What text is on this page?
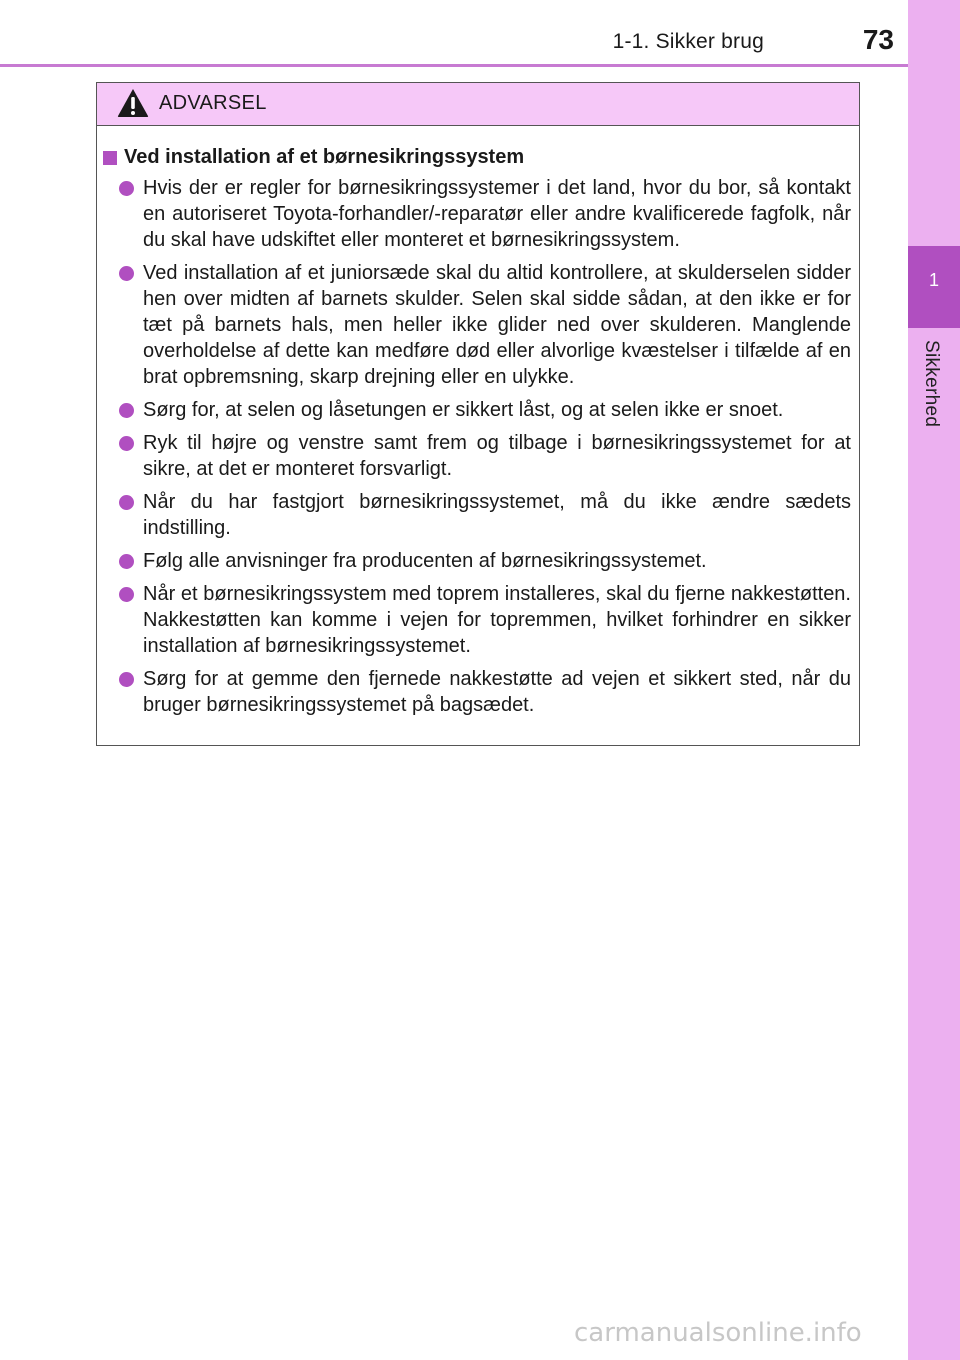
1-1. Sikker brug	73
1
Sikkerhed
ADVARSEL
Ved installation af et børnesikringssystem
Hvis der er regler for børnesikringssystemer i det land, hvor du bor, så kontakt en autoriseret Toyota-forhandler/-reparatør eller andre kvalificerede fagfolk, når du skal have udskiftet eller monteret et børnesikringssystem.
Ved installation af et juniorsæde skal du altid kontrollere, at skulderselen sidder hen over midten af barnets skulder. Selen skal sidde sådan, at den ikke er for tæt på barnets hals, men heller ikke glider ned over skulderen. Manglende overholdelse af dette kan medføre død eller alvorlige kvæstelser i tilfælde af en brat opbremsning, skarp drejning eller en ulykke.
Sørg for, at selen og låsetungen er sikkert låst, og at selen ikke er snoet.
Ryk til højre og venstre samt frem og tilbage i børnesikringssystemet for at sikre, at det er monteret forsvarligt.
Når du har fastgjort børnesikringssystemet, må du ikke ændre sædets indstilling.
Følg alle anvisninger fra producenten af børnesikringssystemet.
Når et børnesikringssystem med toprem installeres, skal du fjerne nakkestøtten. Nakkestøtten kan komme i vejen for topremmen, hvilket forhindrer en sikker installation af børnesikringssystemet.
Sørg for at gemme den fjernede nakkestøtte ad vejen et sikkert sted, når du bruger børnesikringssystemet på bagsædet.
carmanualsonline.info
